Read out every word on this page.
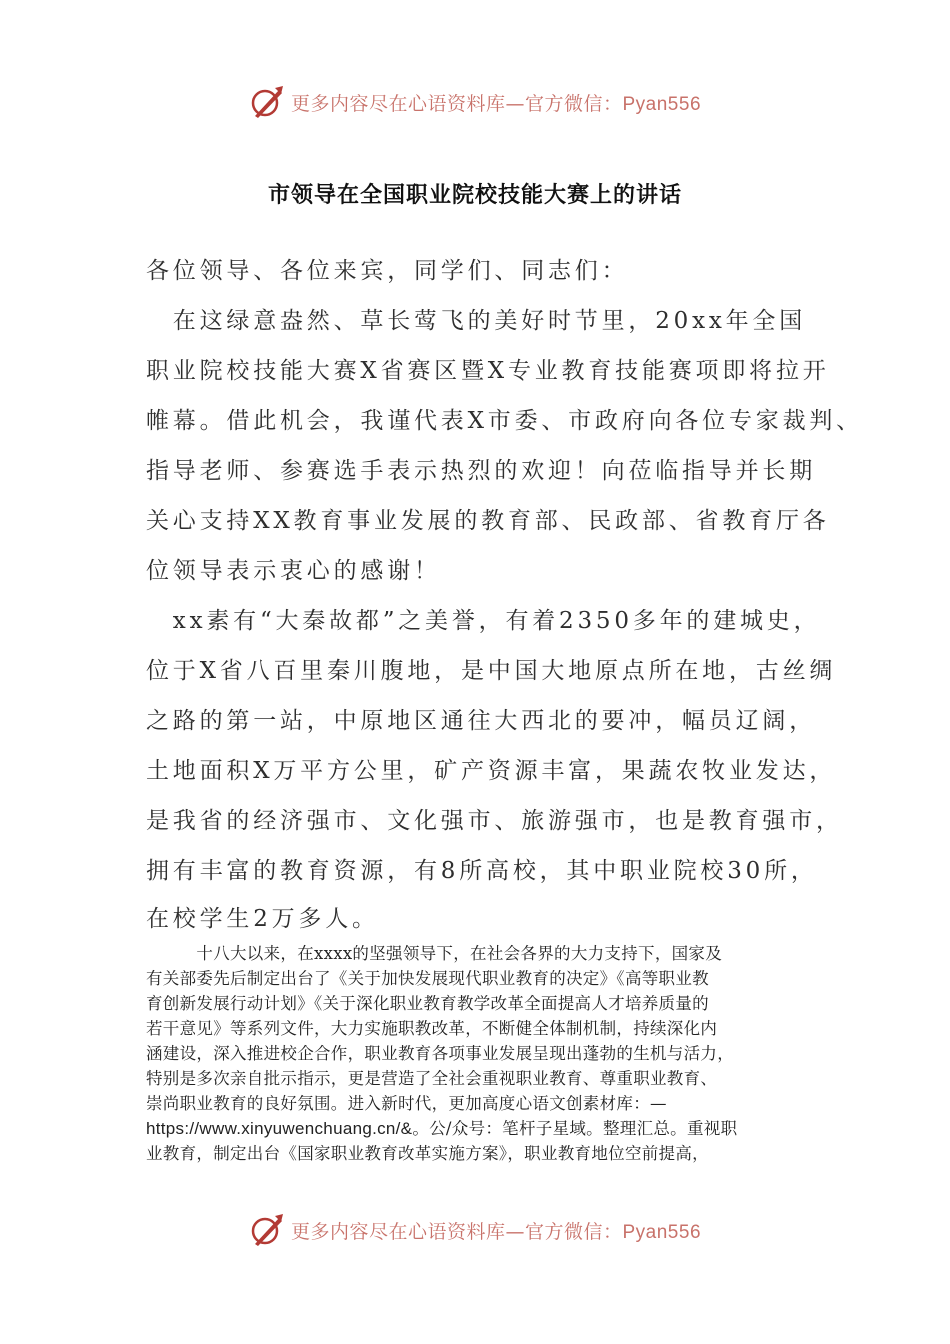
更多内容尽在心语资料库—官方微信：Pyan556
市领导在全国职业院校技能大赛上的讲话
各位领导、各位来宾，同学们、同志们：
　在这绿意盎然、草长莺飞的美好时节里，20xx年全国
职业院校技能大赛X省赛区暨X专业教育技能赛项即将拉开
帷幕。借此机会，我谨代表X市委、市政府向各位专家裁判、
指导老师、参赛选手表示热烈的欢迎！向莅临指导并长期
关心支持XX教育事业发展的教育部、民政部、省教育厅各
位领导表示衷心的感谢！
　xx素有“大秦故都”之美誉，有着2350多年的建城史，
位于X省八百里秦川腹地，是中国大地原点所在地，古丝绸
之路的第一站，中原地区通往大西北的要冲，幅员辽阔，
土地面积X万平方公里，矿产资源丰富，果蔬农牧业发达，
是我省的经济强市、文化强市、旅游强市，也是教育强市，
拥有丰富的教育资源，有8所高校，其中职业院校30所，
在校学生2万多人。
　　　十八大以来，在xxxx的坚强领导下，在社会各界的大力支持下，国家及
有关部委先后制定出台了《关于加快发展现代职业教育的决定》《高等职业教
育创新发展行动计划》《关于深化职业教育教学改革全面提高人才培养质量的
若干意见》等系列文件，大力实施职教改革，不断健全体制机制，持续深化内
涵建设，深入推进校企合作，职业教育各项事业发展呈现出蓬勃的生机与活力，
特别是多次亲自批示指示，更是营造了全社会重视职业教育、尊重职业教育、
崇尚职业教育的良好氛围。进入新时代，更加高度心语文创素材库：—
https://www.xinyuwenchuang.cn/&。公/众号：笔杆子星域。整理汇总。重视职
业教育，制定出台《国家职业教育改革实施方案》，职业教育地位空前提高，
更多内容尽在心语资料库—官方微信：Pyan556
